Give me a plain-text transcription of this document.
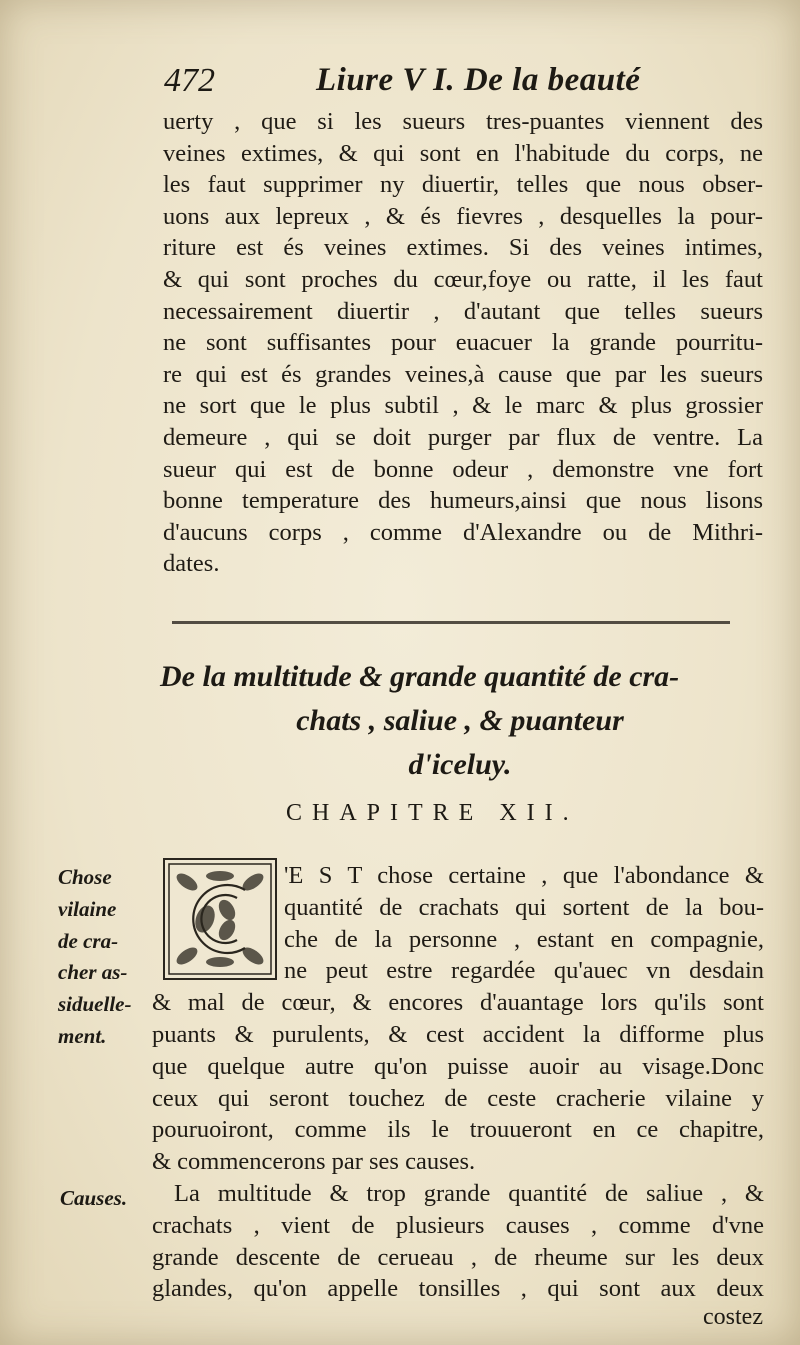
472	Liure V I. De la beauté
uerty , que si les sueurs tres-puantes viennent des
veines extimes, & qui sont en l'habitude du corps, ne
les faut supprimer ny diuertir, telles que nous obser-
uons aux lepreux , & és fievres , desquelles la pour-
riture est és veines extimes. Si des veines intimes,
& qui sont proches du cœur,foye ou ratte, il les faut
necessairement diuertir , d'autant que telles sueurs
ne sont suffisantes pour euacuer la grande pourritu-
re qui est és grandes veines,à cause que par les sueurs
ne sort que le plus subtil , & le marc & plus grossier
demeure , qui se doit purger par flux de ventre. La
sueur qui est de bonne odeur , demonstre vne fort
bonne temperature des humeurs,ainsi que nous lisons
d'aucuns corps , comme d'Alexandre ou de Mithri-
dates.
De la multitude & grande quantité de cra-
chats , saliue , & puanteur
d'iceluy.
CHAPITRE XII.
'E S T chose certaine , que l'abondance &
quantité de crachats qui sortent de la bou-
che de la personne , estant en compagnie,
ne peut estre regardée qu'auec vn desdain
& mal de cœur, & encores d'auantage lors qu'ils sont
puants & purulents, & cest accident la difforme plus
que quelque autre qu'on puisse auoir au visage.Donc
ceux qui seront touchez de ceste cracherie vilaine y
pouruoiront, comme ils le trouueront en ce chapitre,
& commencerons par ses causes.
La multitude & trop grande quantité de saliue , &
crachats , vient de plusieurs causes , comme d'vne
grande descente de cerueau , de rheume sur les deux
glandes, qu'on appelle tonsilles , qui sont aux deux
Chose
vilaine
de cra-
cher as-
siduelle-
ment.
Causes.
costez
